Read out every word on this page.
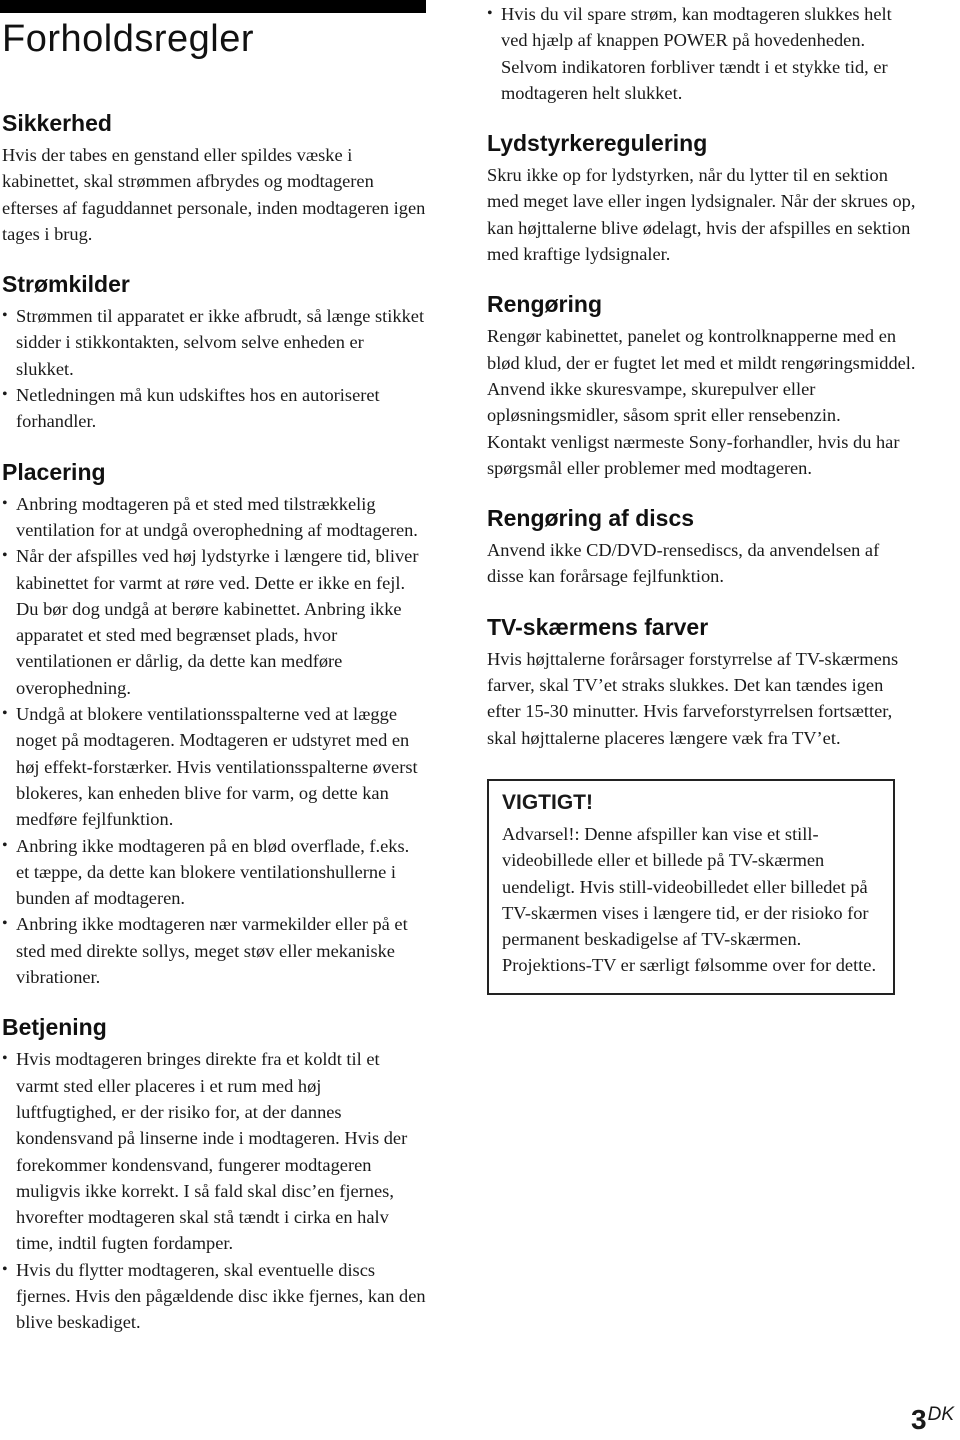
Forholdsregler
Sikkerhed

Hvis der tabes en genstand eller spildes væske i kabinettet, skal strømmen afbrydes og modtageren efterses af faguddannet personale, inden modtageren igen tages i brug.

Strømkilder
• Strømmen til apparatet er ikke afbrudt, så længe stikket sidder i stikkontakten, selvom selve enheden er slukket.
• Netledningen må kun udskiftes hos en autoriseret forhandler.
Placering
• Anbring modtageren på et sted med tilstrækkelig ventilation for at undgå overophedning af modtageren.
• Når der afspilles ved høj lydstyrke i længere tid, bliver kabinettet for varmt at røre ved. Dette er ikke en fejl. Du bør dog undgå at berøre kabinettet. Anbring ikke apparatet et sted med begrænset plads, hvor ventilationen er dårlig, da dette kan medføre overophedning.
• Undgå at blokere ventilationsspalterne ved at lægge noget på modtageren. Modtageren er udstyret med en høj effekt-forstærker. Hvis ventilationsspalterne øverst blokeres, kan enheden blive for varm, og dette kan medføre fejlfunktion.
• Anbring ikke modtageren på en blød overflade, f.eks. et tæppe, da dette kan blokere ventilationshullerne i bunden af modtageren.
• Anbring ikke modtageren nær varmekilder eller på et sted med direkte sollys, meget støv eller mekaniske vibrationer.
Betjening
• Hvis modtageren bringes direkte fra et koldt til et varmt sted eller placeres i et rum med høj luftfugtighed, er der risiko for, at der dannes kondensvand på linserne inde i modtageren. Hvis der forekommer kondensvand, fungerer modtageren muligvis ikke korrekt. I så fald skal disc’en fjernes, hvorefter modtageren skal stå tændt i cirka en halv time, indtil fugten fordamper.
• Hvis du flytter modtageren, skal eventuelle discs fjernes. Hvis den pågældende disc ikke fjernes, kan den blive beskadiget.
• Hvis du vil spare strøm, kan modtageren slukkes helt ved hjælp af knappen POWER på hovedenheden. Selvom indikatoren forbliver tændt i et stykke tid, er modtageren helt slukket.
Lydstyrkeregulering

Skru ikke op for lydstyrken, når du lytter til en sektion med meget lave eller ingen lydsignaler. Når der skrues op, kan højttalerne blive ødelagt, hvis der afspilles en sektion med kraftige lydsignaler.

Rengøring

Rengør kabinettet, panelet og kontrolknapperne med en blød klud, der er fugtet let med et mildt rengøringsmiddel. Anvend ikke skuresvampe, skurepulver eller opløsningsmidler, såsom sprit eller rensebenzin.

Kontakt venligst nærmeste Sony-forhandler, hvis du har spørgsmål eller problemer med modtageren.

Rengøring af discs

Anvend ikke CD/DVD-rensediscs, da anvendelsen af disse kan forårsage fejlfunktion.

TV-skærmens farver

Hvis højttalerne forårsager forstyrrelse af TV-skærmens farver, skal TV’et straks slukkes. Det kan tændes igen efter 15-30 minutter. Hvis farveforstyrrelsen fortsætter, skal højttalerne placeres længere væk fra TV’et.

VIGTIGT!

Advarsel!: Denne afspiller kan vise et still-videobillede eller et billede på TV-skærmen uendeligt. Hvis still-videobilledet eller billedet på TV-skærmen vises i længere tid, er der risioko for permanent beskadigelse af TV-skærmen. Projektions-TV er særligt følsomme over for dette.

$3^{DK}$
